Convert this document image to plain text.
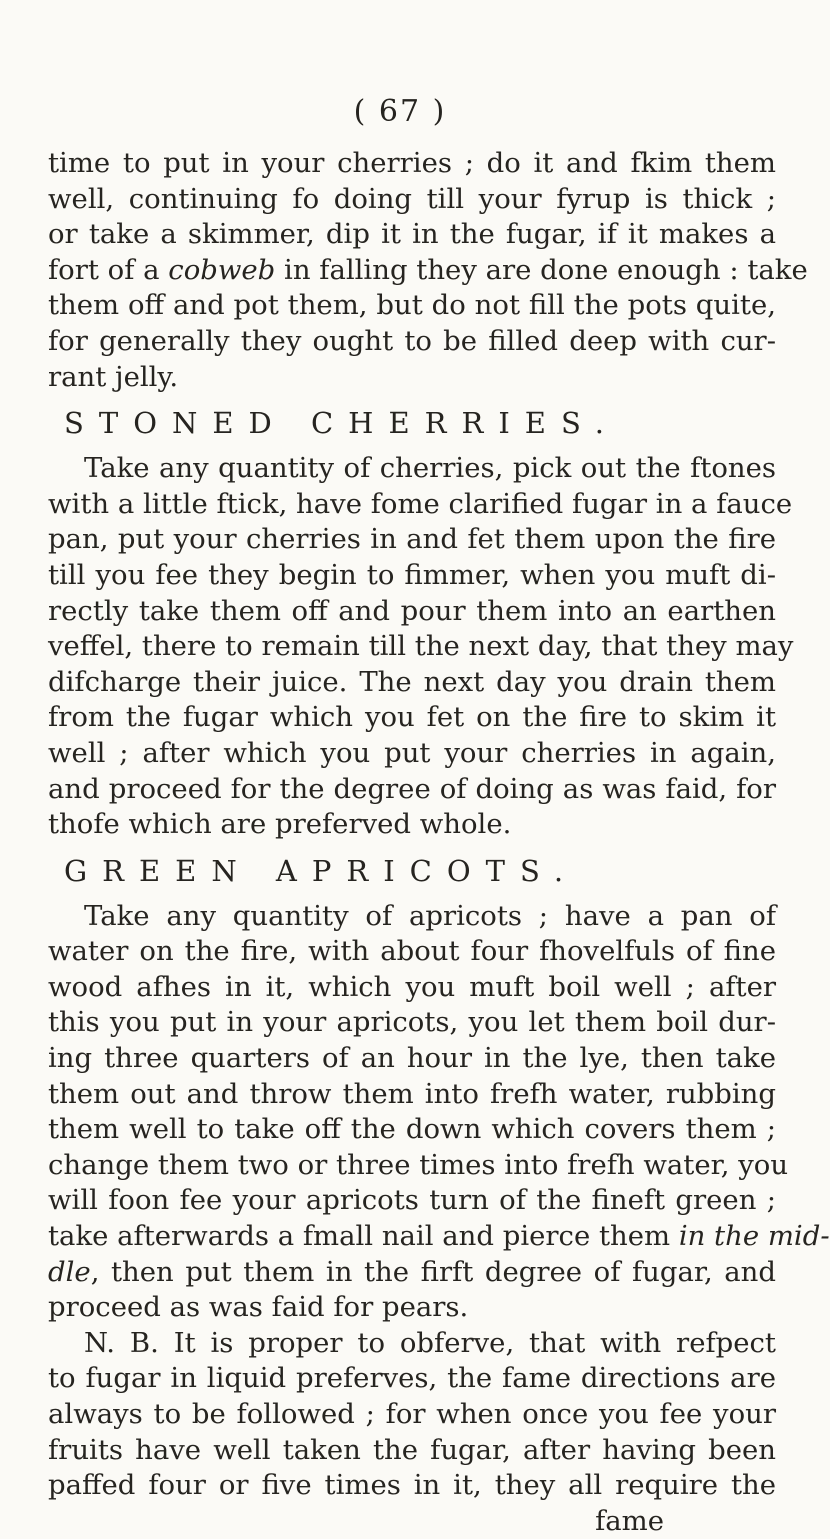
( 67 )
time to put in your cherries ; do it and fkim them
well, continuing fo doing till your fyrup is thick ;
or take a skimmer, dip it in the fugar, if it makes a
fort of a cobweb in falling they are done enough : take
them off and pot them, but do not fill the pots quite,
for generally they ought to be filled deep with cur-
rant jelly.
STONED CHERRIES.
Take any quantity of cherries, pick out the ftones
with a little ftick, have fome clarified fugar in a fauce
pan, put your cherries in and fet them upon the fire
till you fee they begin to fimmer, when you muft di-
rectly take them off and pour them into an earthen
veffel, there to remain till the next day, that they may
difcharge their juice. The next day you drain them
from the fugar which you fet on the fire to skim it
well ; after which you put your cherries in again,
and proceed for the degree of doing as was faid, for
thofe which are preferved whole.
GREEN APRICOTS.
Take any quantity of apricots ; have a pan of
water on the fire, with about four fhovelfuls of fine
wood afhes in it, which you muft boil well ; after
this you put in your apricots, you let them boil dur-
ing three quarters of an hour in the lye, then take
them out and throw them into frefh water, rubbing
them well to take off the down which covers them ;
change them two or three times into frefh water, you
will foon fee your apricots turn of the fineft green ;
take afterwards a fmall nail and pierce them in the mid-
dle, then put them in the firft degree of fugar, and
proceed as was faid for pears.
N. B. It is proper to obferve, that with refpect
to fugar in liquid preferves, the fame directions are
always to be followed ; for when once you fee your
fruits have well taken the fugar, after having been
paffed four or five times in it, they all require the
fame
